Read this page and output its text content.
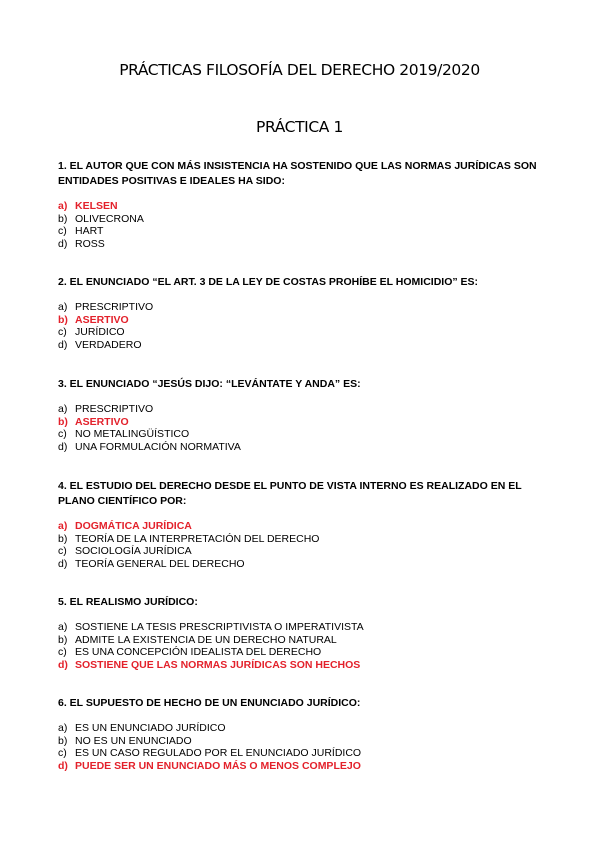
PRÁCTICAS FILOSOFÍA DEL DERECHO 2019/2020
PRÁCTICA 1
1. EL AUTOR QUE CON MÁS INSISTENCIA HA SOSTENIDO QUE LAS NORMAS JURÍDICAS SON ENTIDADES POSITIVAS E IDEALES HA SIDO:
a) KELSEN
b) OLIVECRONA
c) HART
d) ROSS
2. EL ENUNCIADO “EL ART. 3 DE LA LEY DE COSTAS PROHÍBE EL HOMICIDIO” ES:
a) PRESCRIPTIVO
b) ASERTIVO
c) JURÍDICO
d) VERDADERO
3. EL ENUNCIADO “JESÚS DIJO: “LEVÁNTATE Y ANDA” ES:
a) PRESCRIPTIVO
b) ASERTIVO
c) NO METALINGÜÍSTICO
d) UNA FORMULACIÓN NORMATIVA
4. EL ESTUDIO DEL DERECHO DESDE EL PUNTO DE VISTA INTERNO ES REALIZADO EN EL PLANO CIENTÍFICO POR:
a) DOGMÁTICA JURÍDICA
b) TEORÍA DE LA INTERPRETACIÓN DEL DERECHO
c) SOCIOLOGÍA JURÍDICA
d) TEORÍA GENERAL DEL DERECHO
5. EL REALISMO JURÍDICO:
a) SOSTIENE LA TESIS PRESCRIPTIVISTA O IMPERATIVISTA
b) ADMITE LA EXISTENCIA DE UN DERECHO NATURAL
c) ES UNA CONCEPCIÓN IDEALISTA DEL DERECHO
d) SOSTIENE QUE LAS NORMAS JURÍDICAS SON HECHOS
6. EL SUPUESTO DE HECHO DE UN ENUNCIADO JURÍDICO:
a) ES UN ENUNCIADO JURÍDICO
b) NO ES UN ENUNCIADO
c) ES UN CASO REGULADO POR EL ENUNCIADO JURÍDICO
d) PUEDE SER UN ENUNCIADO MÁS O MENOS COMPLEJO
